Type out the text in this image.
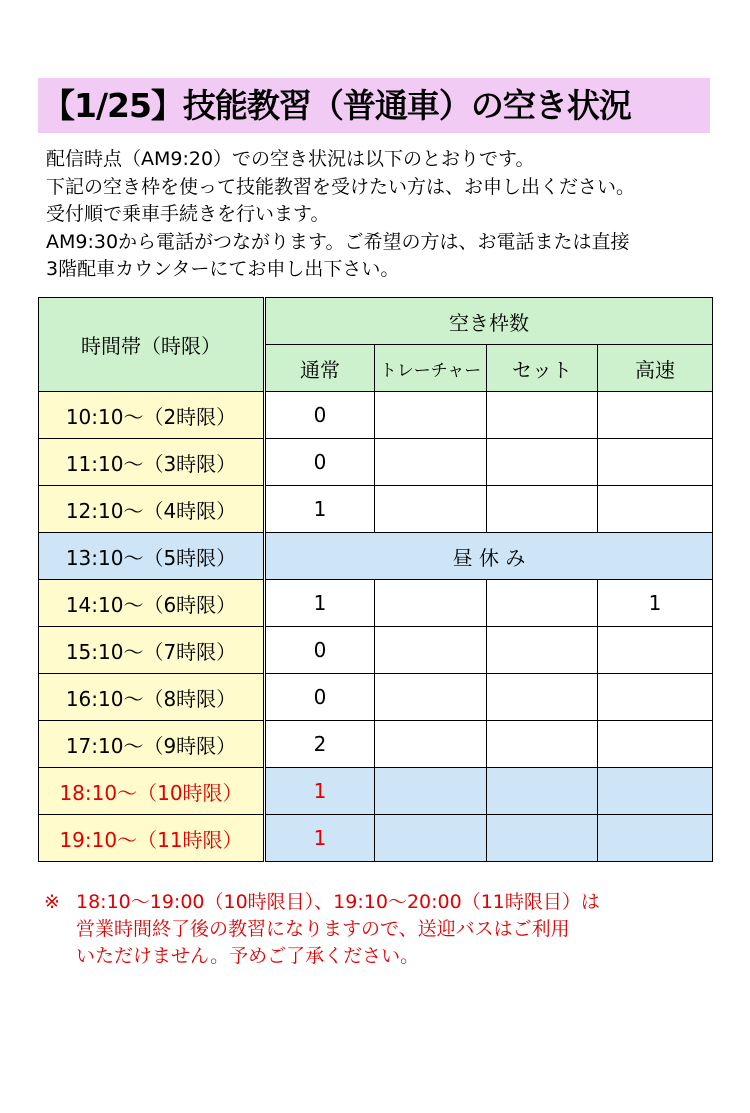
【1/25】技能教習（普通車）の空き状況
配信時点（AM9:20）での空き状況は以下のとおりです。
下記の空き枠を使って技能教習を受けたい方は、お申し出ください。
受付順で乗車手続きを行います。
AM9:30から電話がつながります。ご希望の方は、お電話または直接
3階配車カウンターにてお申し出下さい。
時間帯（時限）	空き枠数			
	通常	トレーチャー	セット	高速
10:10～（2時限）	0			
11:10～（3時限）	0			
12:10～（4時限）	1			
13:10～（5時限）	昼 休 み			
14:10～（6時限）	1			1
15:10～（7時限）	0			
16:10～（8時限）	0			
17:10～（9時限）	2			
18:10～（10時限）	1			
19:10～（11時限）	1			
※ 18:10～19:00（10時限目）、19:10～20:00（11時限目）は
営業時間終了後の教習になりますので、送迎バスはご利用
いただけません。予めご了承ください。
